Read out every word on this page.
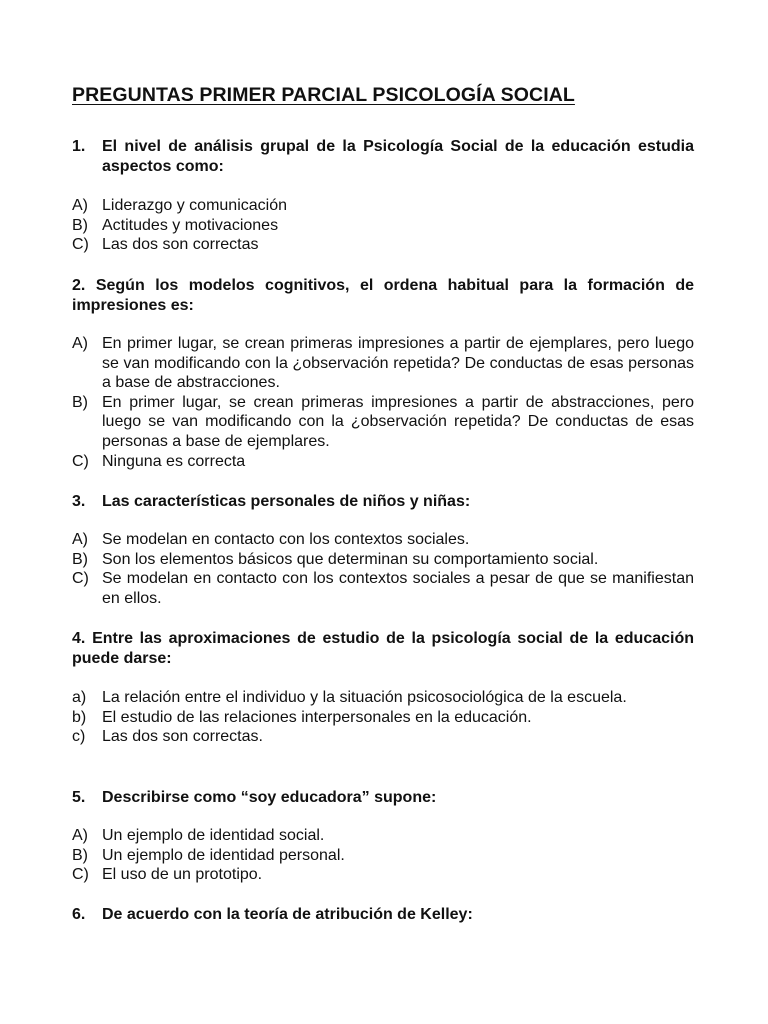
PREGUNTAS PRIMER PARCIAL PSICOLOGÍA SOCIAL
1. El nivel de análisis grupal de la Psicología Social de la educación estudia aspectos como:
A) Liderazgo y comunicación
B) Actitudes y motivaciones
C) Las dos son correctas
2. Según los modelos cognitivos, el ordena habitual para la formación de impresiones es:
A) En primer lugar, se crean primeras impresiones a partir de ejemplares, pero luego se van modificando con la ¿observación repetida? De conductas de esas personas a base de abstracciones.
B) En primer lugar, se crean primeras impresiones a partir de abstracciones, pero luego se van modificando con la ¿observación repetida? De conductas de esas personas a base de ejemplares.
C) Ninguna es correcta
3. Las características personales de niños y niñas:
A) Se modelan en contacto con los contextos sociales.
B) Son los elementos básicos que determinan su comportamiento social.
C) Se modelan en contacto con los contextos sociales a pesar de que se manifiestan en ellos.
4. Entre las aproximaciones de estudio de la psicología social de la educación puede darse:
a) La relación entre el individuo y la situación psicosociológica de la escuela.
b) El estudio de las relaciones interpersonales en la educación.
c) Las dos son correctas.
5. Describirse como “soy educadora” supone:
A) Un ejemplo de identidad social.
B) Un ejemplo de identidad personal.
C) El uso de un prototipo.
6. De acuerdo con la teoría de atribución de Kelley:
